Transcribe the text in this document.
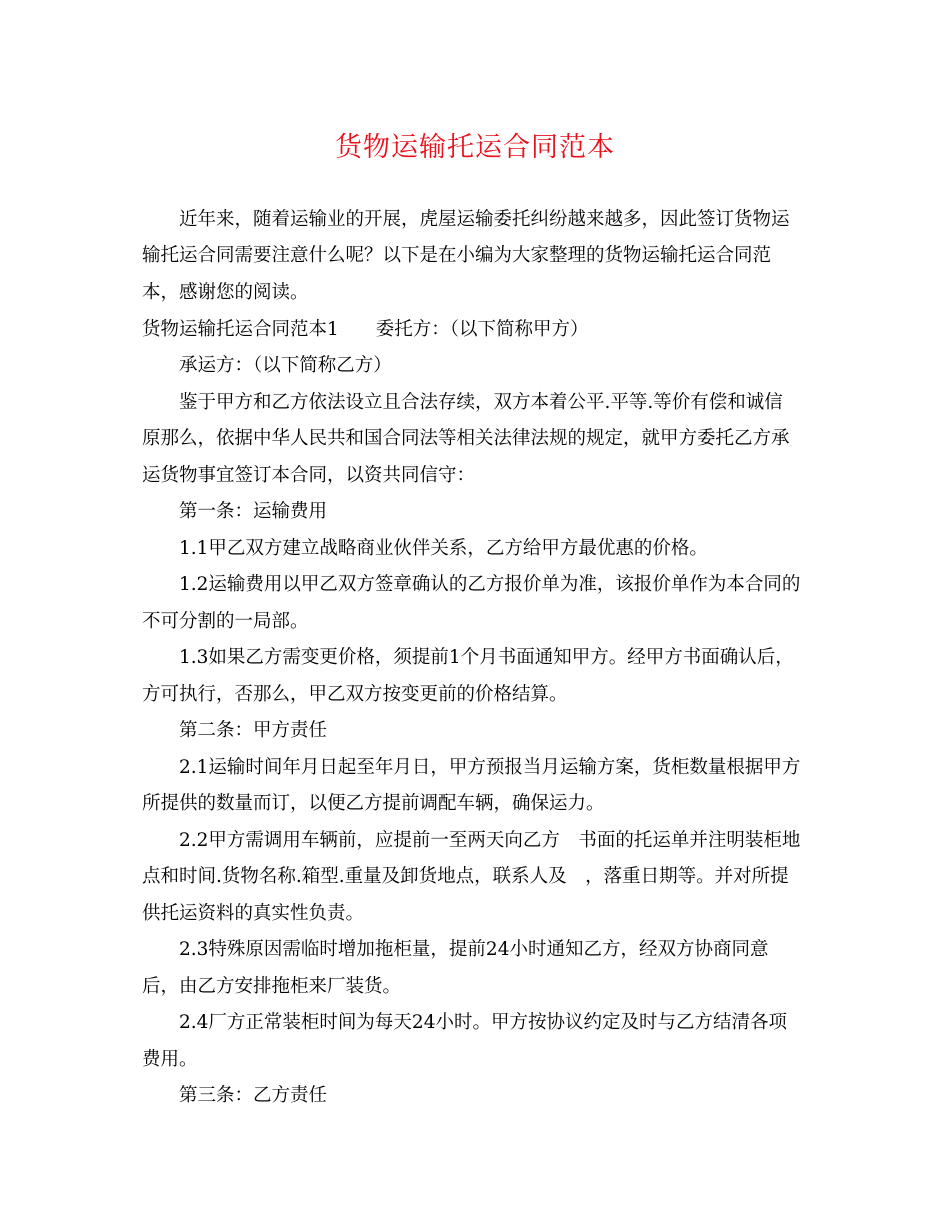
货物运输托运合同范本

近年来，随着运输业的开展，虎屋运输委托纠纷越来越多，因此签订货物运

输托运合同需要注意什么呢？以下是在小编为大家整理的货物运输托运合同范

本，感谢您的阅读。

货物运输托运合同范本1　　委托方：（以下简称甲方）

承运方：（以下简称乙方）

鉴于甲方和乙方依法设立且合法存续，双方本着公平.平等.等价有偿和诚信

原那么，依据中华人民共和国合同法等相关法律法规的规定，就甲方委托乙方承

运货物事宜签订本合同，以资共同信守：

第一条：运输费用

1.1甲乙双方建立战略商业伙伴关系，乙方给甲方最优惠的价格。

1.2运输费用以甲乙双方签章确认的乙方报价单为准，该报价单作为本合同的

不可分割的一局部。

1.3如果乙方需变更价格，须提前1个月书面通知甲方。经甲方书面确认后，

方可执行，否那么，甲乙双方按变更前的价格结算。

第二条：甲方责任

2.1运输时间年月日起至年月日，甲方预报当月运输方案，货柜数量根据甲方

所提供的数量而订，以便乙方提前调配车辆，确保运力。

2.2甲方需调用车辆前，应提前一至两天向乙方　书面的托运单并注明装柜地

点和时间.货物名称.箱型.重量及卸货地点，联系人及　，落重日期等。并对所提

供托运资料的真实性负责。

2.3特殊原因需临时增加拖柜量，提前24小时通知乙方，经双方协商同意

后，由乙方安排拖柜来厂装货。

2.4厂方正常装柜时间为每天24小时。甲方按协议约定及时与乙方结清各项

费用。

第三条：乙方责任
